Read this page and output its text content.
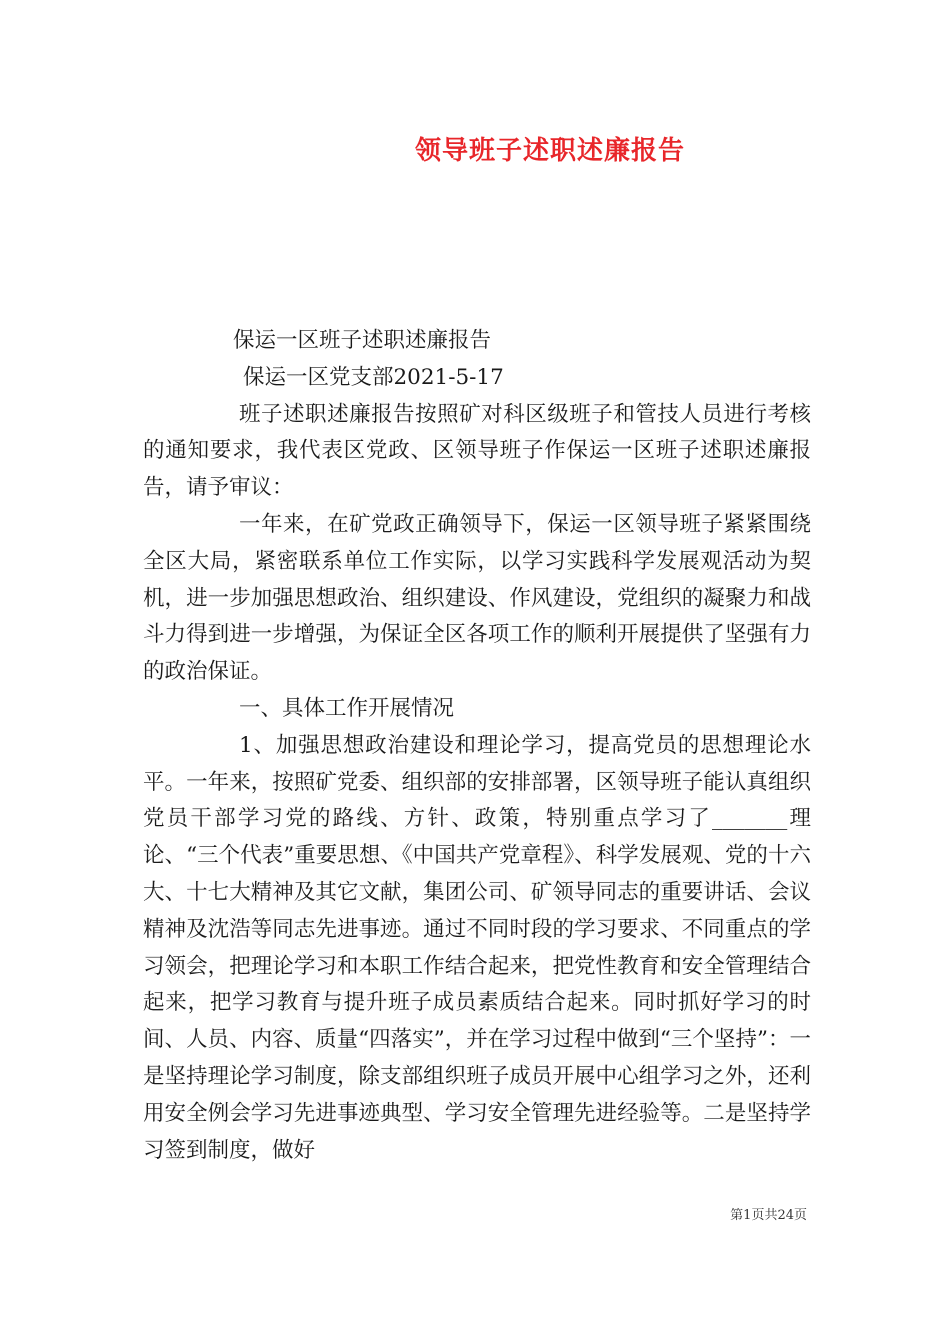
领导班子述职述廉报告

保运一区班子述职述廉报告

保运一区党支部2021-5-17

班子述职述廉报告按照矿对科区级班子和管技人员进行考核的通知要求，我代表区党政、区领导班子作保运一区班子述职述廉报告，请予审议：

一年来，在矿党政正确领导下，保运一区领导班子紧紧围绕全区大局，紧密联系单位工作实际，以学习实践科学发展观活动为契机，进一步加强思想政治、组织建设、作风建设，党组织的凝聚力和战斗力得到进一步增强，为保证全区各项工作的顺利开展提供了坚强有力的政治保证。

一、具体工作开展情况

1、加强思想政治建设和理论学习，提高党员的思想理论水平。一年来，按照矿党委、组织部的安排部署，区领导班子能认真组织党员干部学习党的路线、方针、政策，特别重点学习了_______理论、“三个代表”重要思想、《中国共产党章程》、科学发展观、党的十六大、十七大精神及其它文献，集团公司、矿领导同志的重要讲话、会议精神及沈浩等同志先进事迹。通过不同时段的学习要求、不同重点的学习领会，把理论学习和本职工作结合起来，把党性教育和安全管理结合起来，把学习教育与提升班子成员素质结合起来。同时抓好学习的时间、人员、内容、质量“四落实”，并在学习过程中做到“三个坚持”：一是坚持理论学习制度，除支部组织班子成员开展中心组学习之外，还利用安全例会学习先进事迹典型、学习安全管理先进经验等。二是坚持学习签到制度，做好

第1页共24页
